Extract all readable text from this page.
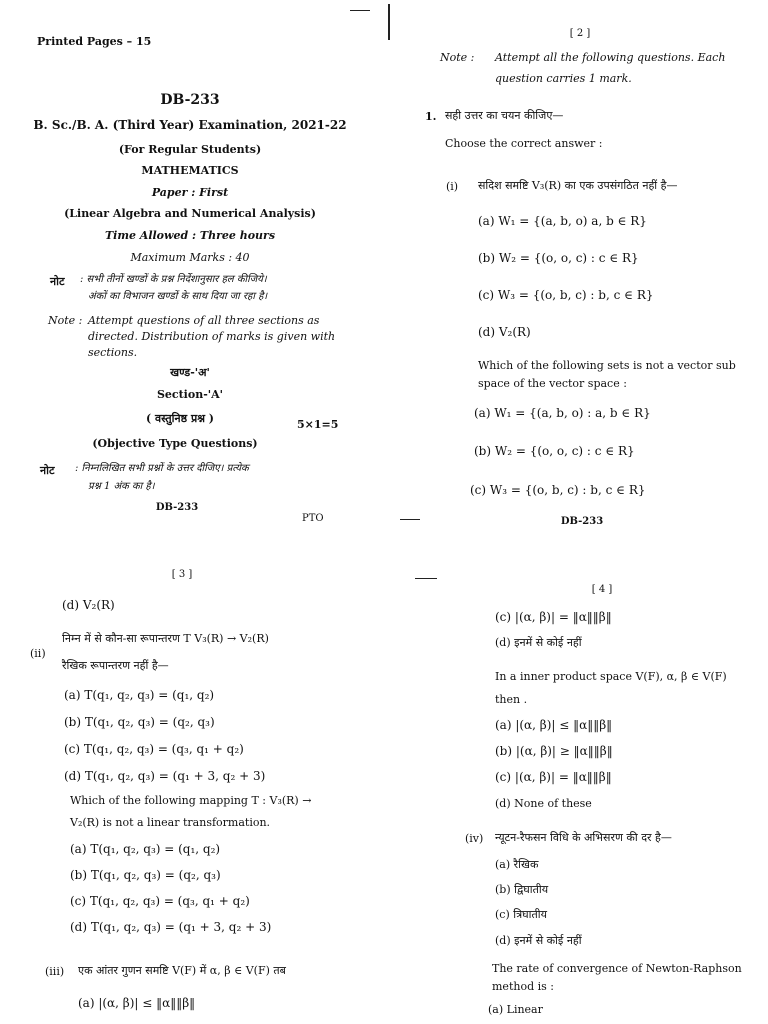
Printed Pages – 15
DB-233
B. Sc./B. A. (Third Year) Examination, 2021-22
(For Regular Students)
MATHEMATICS
Paper : First
(Linear Algebra and Numerical Analysis)
Time Allowed : Three hours
Maximum Marks : 40
नोट : सभी तीनों खण्डों के प्रश्न निर्देशानुसार हल कीजिये।
अंकों का विभाजन खण्डों के साथ दिया जा रहा है।
Note : Attempt questions of all three sections as
directed. Distribution of marks is given with
sections.
खण्ड-'अ'
Section-'A'
( वस्तुनिष्ठ प्रश्न )	5×1=5
(Objective Type Questions)
नोट : निम्नलिखित सभी प्रश्नों के उत्तर दीजिए। प्रत्येक
प्रश्न 1 अंक का है।
DB-233
PTO
[ 2 ]
Note : Attempt all the following questions. Each
question carries 1 mark.
1. सही उत्तर का चयन कीजिए—
Choose the correct answer :
(i) सदिश समष्टि V₃(R) का एक उपसंगठित नहीं है—
(a) W₁ = {(a, b, o) a, b ∈ R}
(b) W₂ = {(o, o, c) : c ∈ R}
(c) W₃ = {(o, b, c) : b, c ∈ R}
(d) V₂(R)
Which of the following sets is not a vector sub
space of the vector space :
(a) W₁ = {(a, b, o) : a, b ∈ R}
(b) W₂ = {(o, o, c) : c ∈ R}
(c) W₃ = {(o, b, c) : b, c ∈ R}
DB-233
[ 3 ]
(d) V₂(R)
(ii)
निम्न में से कौन-सा रूपान्तरण T V₃(R) → V₂(R)
रैखिक रूपान्तरण नहीं है—
(a) T(q₁, q₂, q₃) = (q₁, q₂)
(b) T(q₁, q₂, q₃) = (q₂, q₃)
(c) T(q₁, q₂, q₃) = (q₃, q₁ + q₂)
(d) T(q₁, q₂, q₃) = (q₁ + 3, q₂ + 3)
Which of the following mapping T : V₃(R) →
V₂(R) is not a linear transformation.
(a) T(q₁, q₂, q₃) = (q₁, q₂)
(b) T(q₁, q₂, q₃) = (q₂, q₃)
(c) T(q₁, q₂, q₃) = (q₃, q₁ + q₂)
(d) T(q₁, q₂, q₃) = (q₁ + 3, q₂ + 3)
(iii) एक आंतर गुणन समष्टि V(F) में α, β ∈ V(F) तब
(a) |(α, β)| ≤ ‖α‖‖β‖
[ 4 ]
(c) |(α, β)| = ‖α‖‖β‖
(d) इनमें से कोई नहीं
In a inner product space V(F), α, β ∈ V(F)
then .
(a) |(α, β)| ≤ ‖α‖‖β‖
(b) |(α, β)| ≥ ‖α‖‖β‖
(c) |(α, β)| = ‖α‖‖β‖
(d) None of these
(iv) न्यूटन-रैफसन विधि के अभिसरण की दर है—
(a) रैखिक
(b) द्विघातीय
(c) त्रिघातीय
(d) इनमें से कोई नहीं
The rate of convergence of Newton-Raphson
method is :
(a) Linear
